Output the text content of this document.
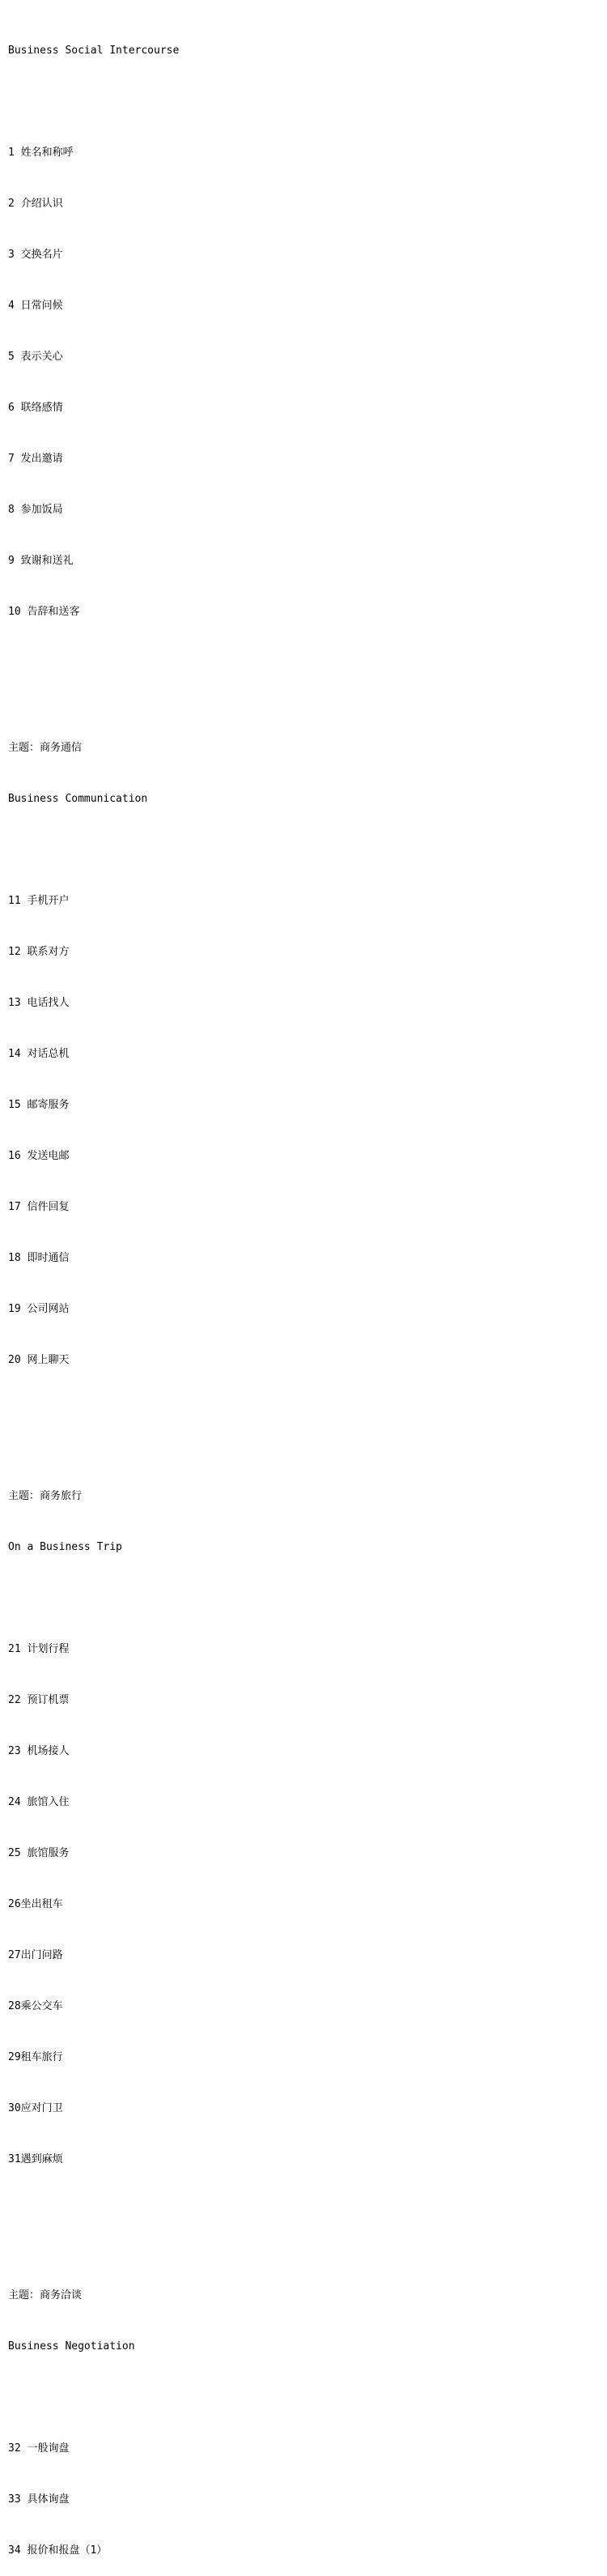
Business Social Intercourse

1 姓名和称呼

2 介绍认识

3 交换名片

4 日常问候

5 表示关心

6 联络感情

7 发出邀请

8 参加饭局

9 致谢和送礼

10 告辞和送客

主题：商务通信

Business Communication

11 手机开户

12 联系对方

13 电话找人

14 对话总机

15 邮寄服务

16 发送电邮

17 信件回复

18 即时通信

19 公司网站

20 网上聊天

主题：商务旅行

On a Business Trip

21 计划行程

22 预订机票

23 机场接人

24 旅馆入住

25 旅馆服务

26坐出租车

27出门问路

28乘公交车

29租车旅行

30应对门卫

31遇到麻烦

主题：商务洽谈

Business Negotiation

32 一般询盘

33 具体询盘

34 报价和报盘（1）
